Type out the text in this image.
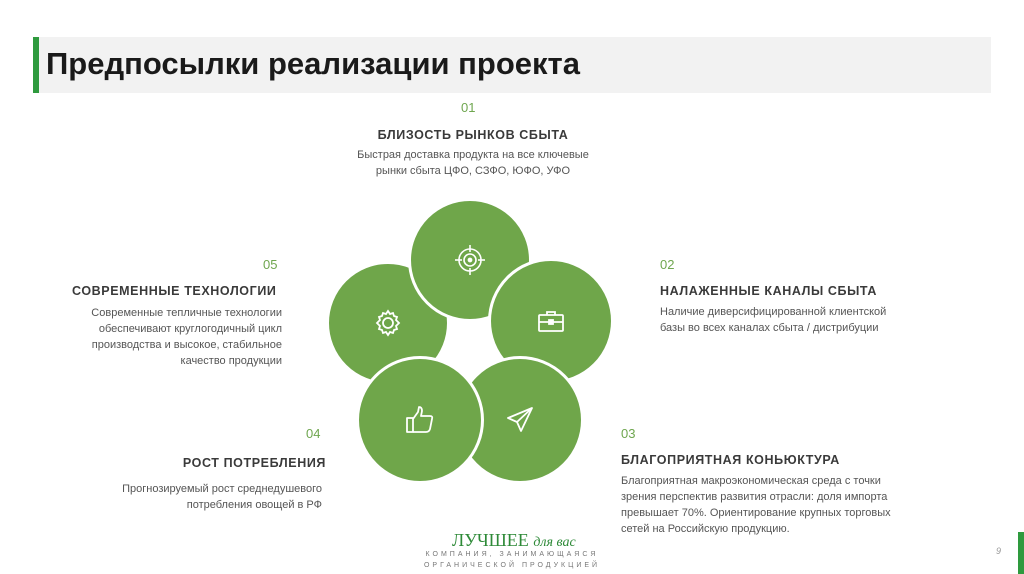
Предпосылки реализации проекта
01
БЛИЗОСТЬ РЫНКОВ СБЫТА
Быстрая доставка продукта на все ключевые
рынки сбыта ЦФО, СЗФО, ЮФО, УФО
02
НАЛАЖЕННЫЕ КАНАЛЫ СБЫТА
Наличие диверсифицированной клиентской
базы во всех каналах сбыта / дистрибуции
03
БЛАГОПРИЯТНАЯ КОНЬЮКТУРА
Благоприятная макроэкономическая среда с точки
зрения перспектив развития отрасли: доля импорта
превышает 70%. Ориентирование крупных торговых
сетей на Российскую продукцию.
04
РОСТ ПОТРЕБЛЕНИЯ
Прогнозируемый рост среднедушевого
потребления овощей в РФ
05
СОВРЕМЕННЫЕ ТЕХНОЛОГИИ
Современные тепличные технологии
обеспечивают круглогодичный цикл
производства и высокое, стабильное
качество продукции
ЛУЧШЕЕ для вас
КОМПАНИЯ, ЗАНИМАЮЩАЯСЯ
ОРГАНИЧЕСКОЙ ПРОДУКЦИЕЙ
9
